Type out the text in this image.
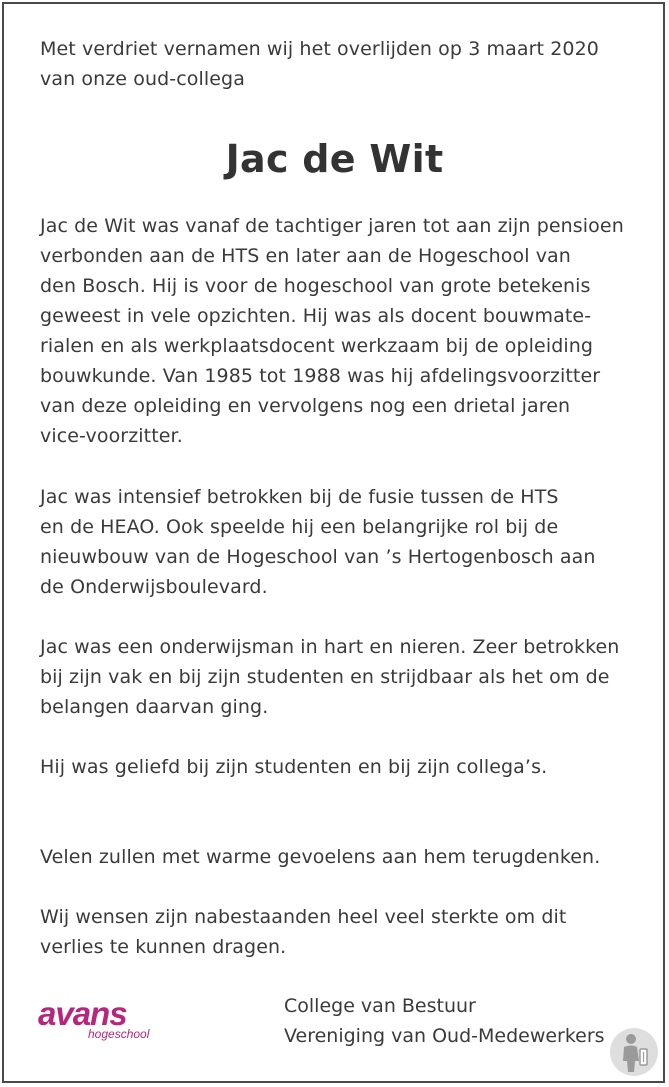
Met verdriet vernamen wij het overlijden op 3 maart 2020
van onze oud-collega

Jac de Wit

Jac de Wit was vanaf de tachtiger jaren tot aan zijn pensioen
verbonden aan de HTS en later aan de Hogeschool van
den Bosch. Hij is voor de hogeschool van grote betekenis
geweest in vele opzichten. Hij was als docent bouwmate-
rialen en als werkplaatsdocent werkzaam bij de opleiding
bouwkunde. Van 1985 tot 1988 was hij afdelingsvoorzitter
van deze opleiding en vervolgens nog een drietal jaren
vice-voorzitter.

Jac was intensief betrokken bij de fusie tussen de HTS
en de HEAO. Ook speelde hij een belangrijke rol bij de
nieuwbouw van de Hogeschool van ’s Hertogenbosch aan
de Onderwijsboulevard.

Jac was een onderwijsman in hart en nieren. Zeer betrokken
bij zijn vak en bij zijn studenten en strijdbaar als het om de
belangen daarvan ging.

Hij was geliefd bij zijn studenten en bij zijn collega’s.

Velen zullen met warme gevoelens aan hem terugdenken.

Wij wensen zijn nabestaanden heel veel sterkte om dit
verlies te kunnen dragen.

avans
hogeschool
College van Bestuur
Vereniging van Oud-Medewerkers
